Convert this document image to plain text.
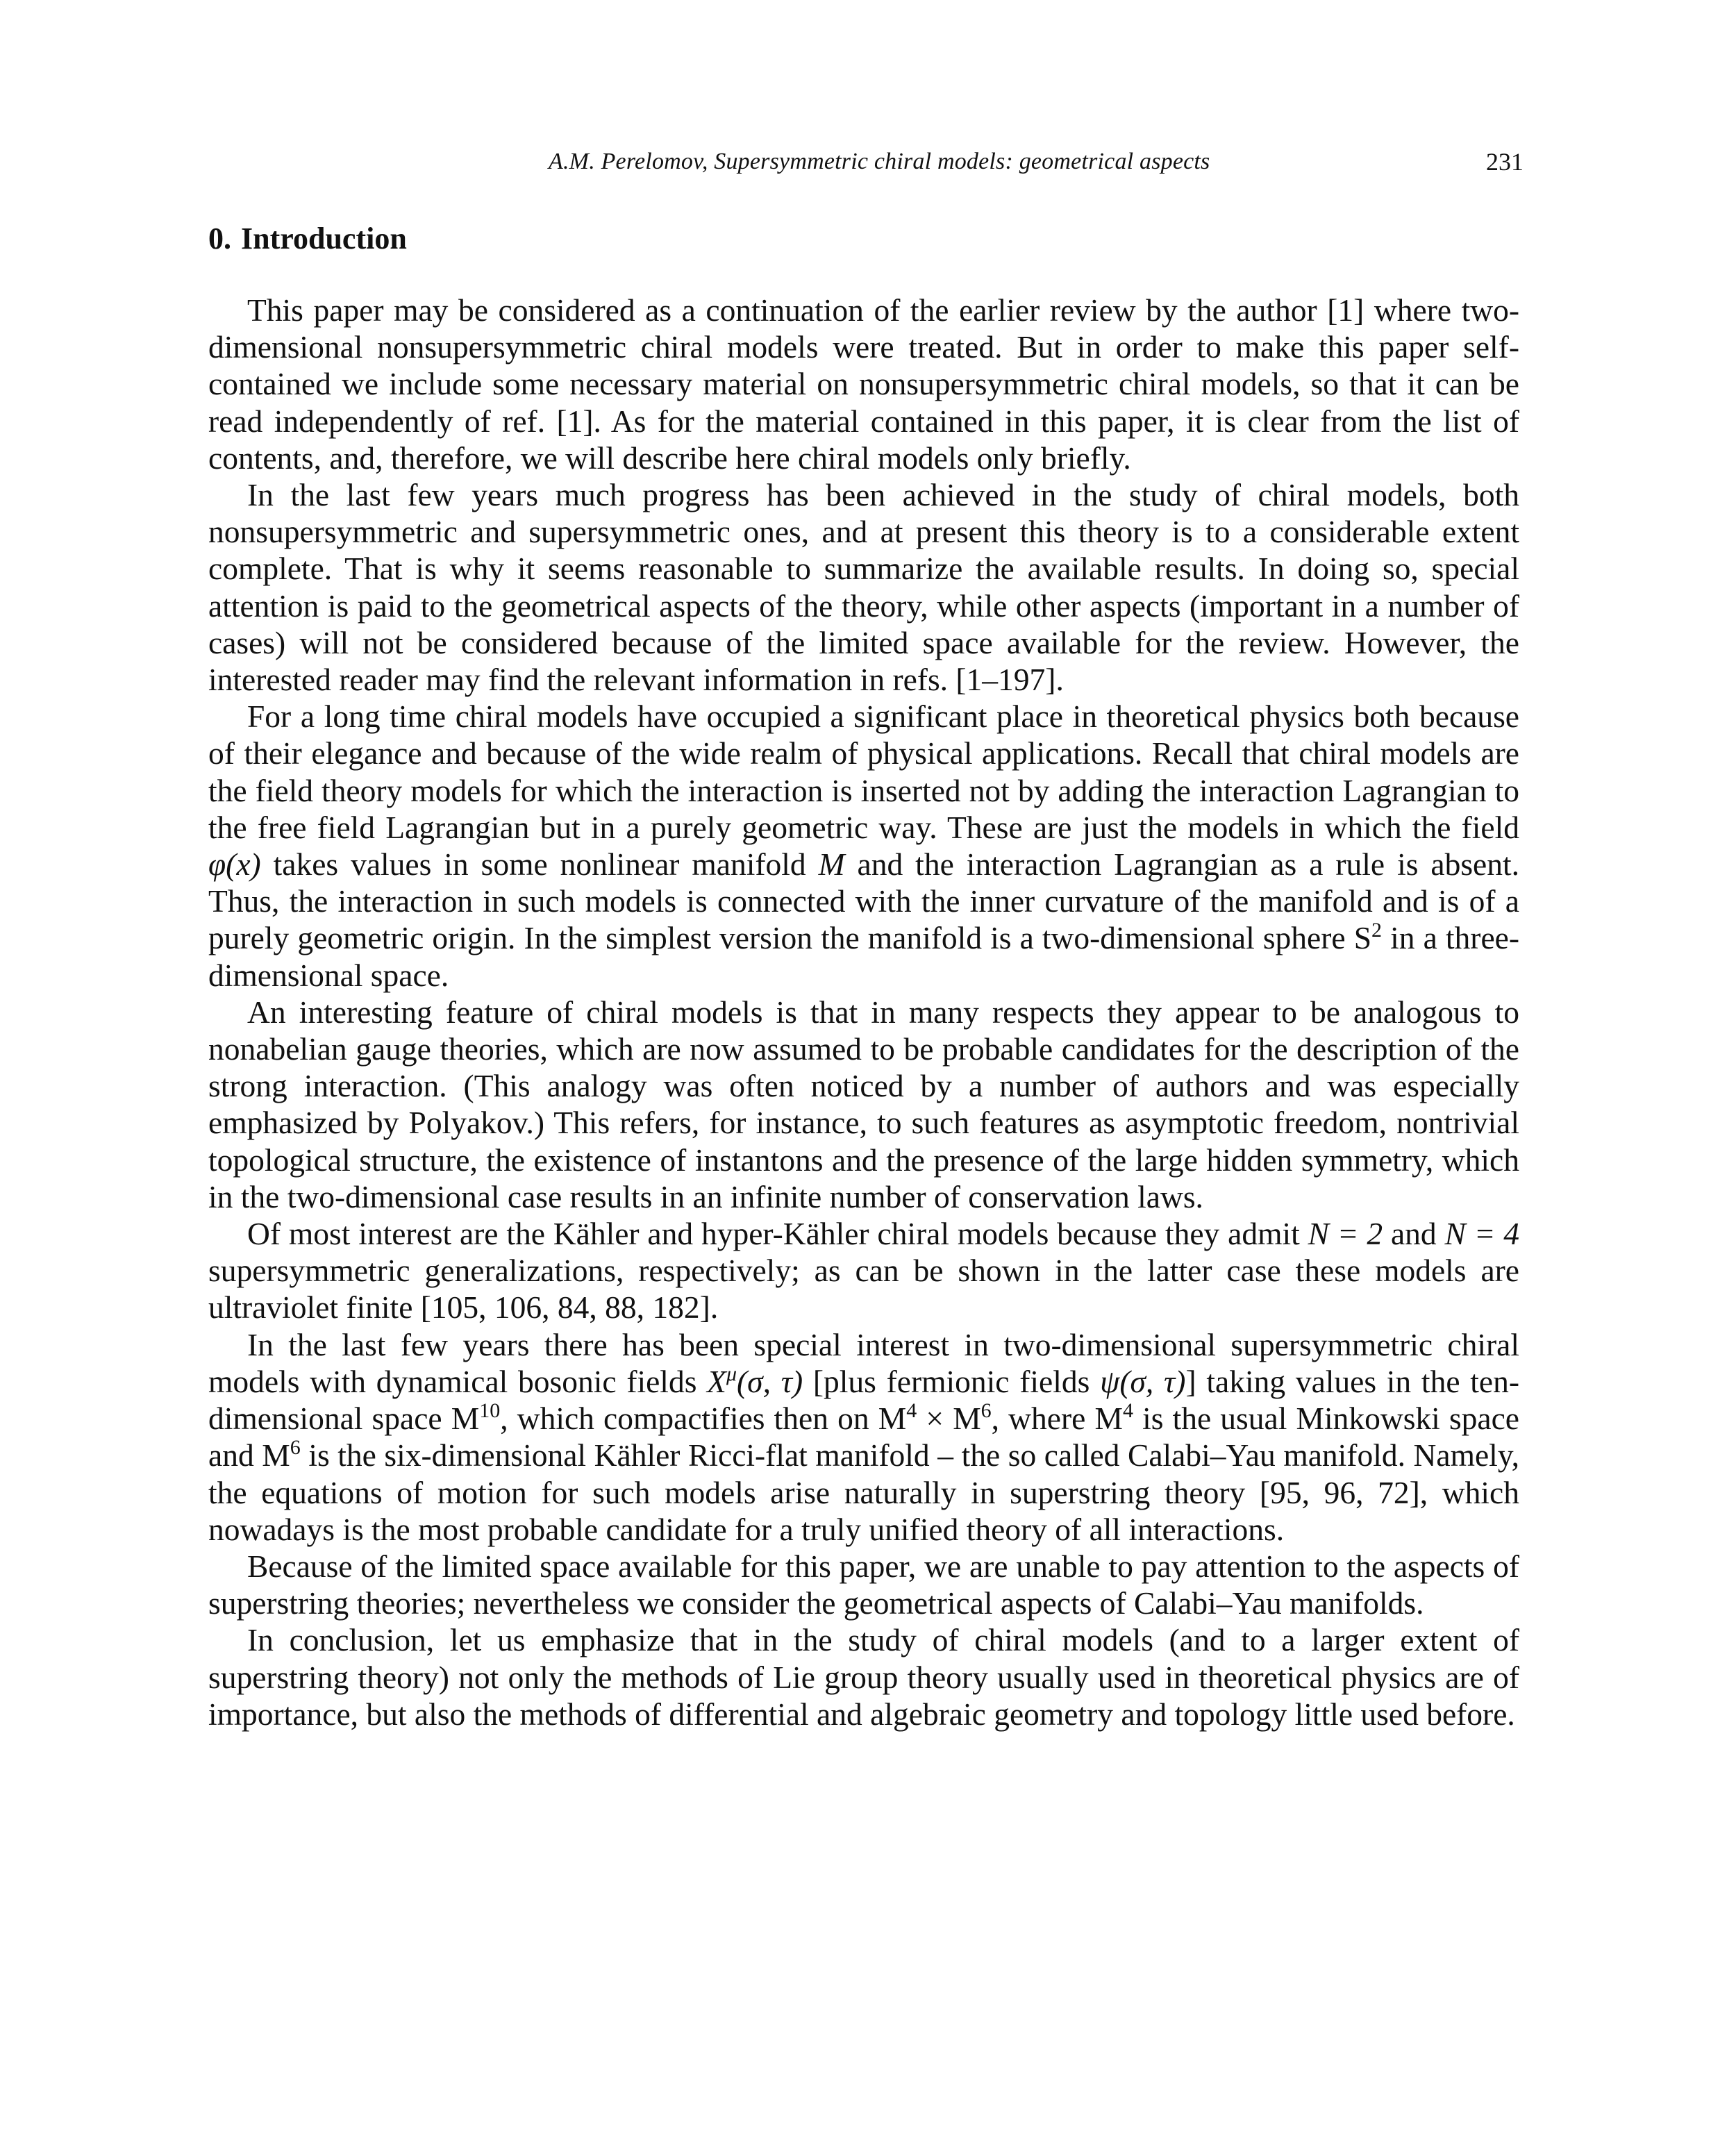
A.M. Perelomov, Supersymmetric chiral models: geometrical aspects	231
0. Introduction

This paper may be considered as a continuation of the earlier review by the author [1] where two-dimensional nonsupersymmetric chiral models were treated. But in order to make this paper self-contained we include some necessary material on nonsupersymmetric chiral models, so that it can be read independently of ref. [1]. As for the material contained in this paper, it is clear from the list of contents, and, therefore, we will describe here chiral models only briefly.

In the last few years much progress has been achieved in the study of chiral models, both nonsupersymmetric and supersymmetric ones, and at present this theory is to a considerable extent complete. That is why it seems reasonable to summarize the available results. In doing so, special attention is paid to the geometrical aspects of the theory, while other aspects (important in a number of cases) will not be considered because of the limited space available for the review. However, the interested reader may find the relevant information in refs. [1–197].

For a long time chiral models have occupied a significant place in theoretical physics both because of their elegance and because of the wide realm of physical applications. Recall that chiral models are the field theory models for which the interaction is inserted not by adding the interaction Lagrangian to the free field Lagrangian but in a purely geometric way. These are just the models in which the field φ(x) takes values in some nonlinear manifold M and the interaction Lagrangian as a rule is absent. Thus, the interaction in such models is connected with the inner curvature of the manifold and is of a purely geometric origin. In the simplest version the manifold is a two-dimensional sphere $S^2$ in a three-dimensional space.

An interesting feature of chiral models is that in many respects they appear to be analogous to nonabelian gauge theories, which are now assumed to be probable candidates for the description of the strong interaction. (This analogy was often noticed by a number of authors and was especially emphasized by Polyakov.) This refers, for instance, to such features as asymptotic freedom, nontrivial topological structure, the existence of instantons and the presence of the large hidden symmetry, which in the two-dimensional case results in an infinite number of conservation laws.

Of most interest are the Kähler and hyper-Kähler chiral models because they admit N = 2 and N = 4 supersymmetric generalizations, respectively; as can be shown in the latter case these models are ultraviolet finite [105, 106, 84, 88, 182].

In the last few years there has been special interest in two-dimensional supersymmetric chiral models with dynamical bosonic fields $X^\mu(\sigma$, τ) [plus fermionic fields ψ(σ, τ)] taking values in the ten-dimensional space $M^{10}$, which compactifies then on $M^4 \times M^6$, where $M^4$ is the usual Minkowski space and $M^6$ is the six-dimensional Kähler Ricci-flat manifold – the so called Calabi–Yau manifold. Namely, the equations of motion for such models arise naturally in superstring theory [95, 96, 72], which nowadays is the most probable candidate for a truly unified theory of all interactions.

Because of the limited space available for this paper, we are unable to pay attention to the aspects of superstring theories; nevertheless we consider the geometrical aspects of Calabi–Yau manifolds.

In conclusion, let us emphasize that in the study of chiral models (and to a larger extent of superstring theory) not only the methods of Lie group theory usually used in theoretical physics are of importance, but also the methods of differential and algebraic geometry and topology little used before.
